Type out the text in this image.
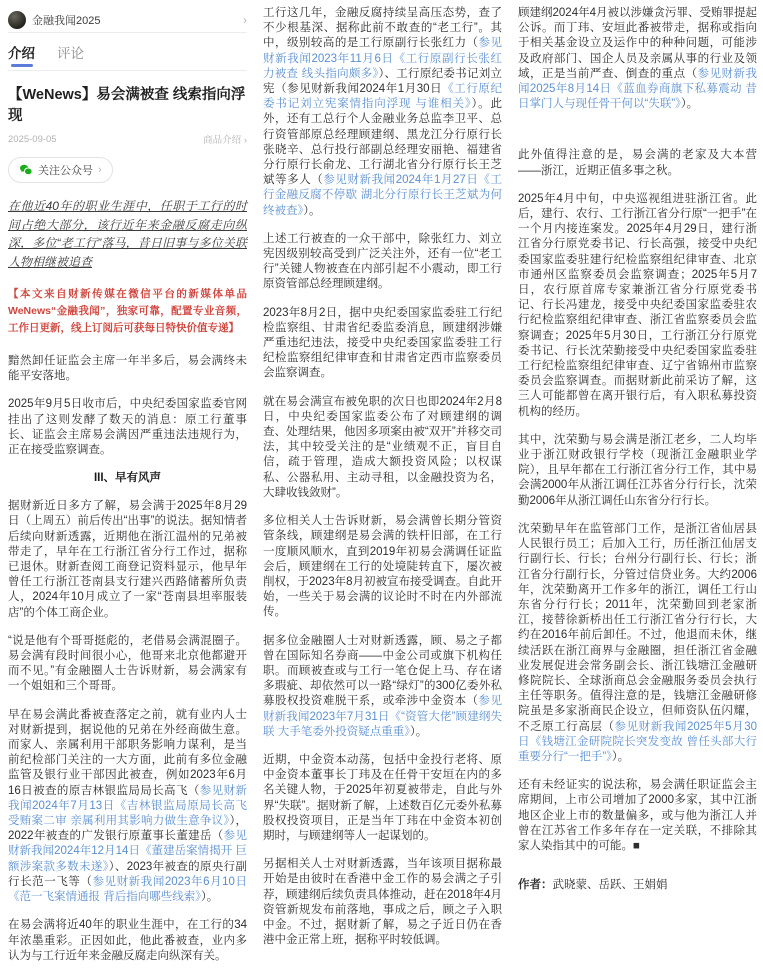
金融我闻2025	›
介绍 评论
【WeNews】易会满被查 线索指向浮现
2025-09-05	商品介绍 ›
关注公众号 ›
在他近40年的职业生涯中，任职于工行的时间占绝大部分，该行近年来金融反腐走向纵深，多位“老工行”落马，昔日旧事与多位关联人物相继被追查
【本文来自财新传媒在微信平台的新媒体单品 WeNews“金融我闻”，独家可靠，配置专业音频，工作日更新，线上订阅后可获每日特快价值专递】

黯然卸任证监会主席一年半多后，易会满终未能平安落地。

2025年9月5日收市后，中央纪委国家监委官网挂出了这则发酵了数天的消息：原工行董事长、证监会主席易会满因严重违法违规行为，正在接受监察调查。

III、早有风声

据财新近日多方了解，易会满于2025年8月29日（上周五）前后传出“出事”的说法。据知情者后续向财新透露，近期他在浙江温州的兄弟被带走了，早年在工行浙江省分行工作过，据称已退休。财新查阅工商登记资料显示，他早年曾任工行浙江苍南县支行建兴西路储蓄所负责人，2024年10月成立了一家“苍南县坦率服装店”的个体工商企业。

“说是他有个哥哥挺彪的，老借易会满混圈子。易会满有段时间很小心，他哥来北京他都避开而不见。”有金融圈人士告诉财新，易会满家有一个姐姐和三个哥哥。

早在易会满此番被查落定之前，就有业内人士对财新提到，据说他的兄弟在外经商做生意。而家人、亲属利用干部职务影响力谋利，是当前纪检部门关注的一大方面，此前有多位金融监管及银行业干部因此被查，例如2023年6月16日被查的原吉林银监局局长高飞（参见财新我闻2024年7月13日《吉林银监局原局长高飞受贿案二审 亲属利用其影响力做生意争议》），2022年被查的广发银行原董事长董建岳（参见财新我闻2024年12月14日《董建岳案情揭开 巨额涉案款多数未遂》）、2023年被查的原央行副行长范一飞等（参见财新我闻2023年6月10日《范一飞案情通报 背后指向哪些线索》）。

在易会满将近40年的职业生涯中，在工行的34年浓墨重彩。正因如此，他此番被查，业内多认为与工行近年来金融反腐走向纵深有关。

工行这几年，金融反腐持续呈高压态势，查了不少根基深、据称此前不敢查的“老工行”。其中，级别较高的是工行原副行长张红力（参见财新我闻2023年11月6日《工行原副行长张红力被查 线头指向颇多》）、工行原纪委书记刘立宪（参见财新我闻2024年1月30日《工行原纪委书记刘立宪案情指向浮现 与谁相关》）。此外，还有工总行个人金融业务总监李卫平、总行资管部原总经理顾建纲、黑龙江分行原行长张晓辛、总行投行部副总经理安丽艳、福建省分行原行长俞龙、工行湖北省分行原行长王芝斌等多人（参见财新我闻2024年1月27日《工行金融反腐不停歇 湖北分行原行长王芝斌为何终被查》）。

上述工行被查的一众干部中，除张红力、刘立宪因级别较高受到广泛关注外，还有一位“老工行”关键人物被查在内部引起不小震动，即工行原资管部总经理顾建纲。

2023年8月2日，据中央纪委国家监委驻工行纪检监察组、甘肃省纪委监委消息，顾建纲涉嫌严重违纪违法，接受中央纪委国家监委驻工行纪检监察组纪律审查和甘肃省定西市监察委员会监察调查。

就在易会满宣布被免职的次日也即2024年2月8日，中央纪委国家监委公布了对顾建纲的调查、处理结果，他因多项案由被“双开”并移交司法，其中较受关注的是“业绩观不正，盲目自信，疏于管理，造成大额投资风险；以权谋私、公器私用、主动寻租，以金融投资为名，大肆收钱敛财”。

多位相关人士告诉财新，易会满曾长期分管资管条线，顾建纲是易会满的铁杆旧部，在工行一度顺风顺水，直到2019年初易会满调任证监会后，顾建纲在工行的处境陡转直下，屡次被削权，于2023年8月初被宣布接受调查。自此开始，一些关于易会满的议论时不时在内外部流传。

据多位金融圈人士对财新透露，顾、易之子都曾在国际知名券商——中金公司或旗下机构任职。而顾被查或与工行一笔仓促上马、存在诸多瑕疵、却依然可以一路“绿灯”的300亿委外私募股权投资难脱干系，或牵涉中金资本（参见财新我闻2023年7月31日《“资管大佬”顾建纲失联 大手笔委外投资疑点重重》）。

近期，中金资本动荡，包括中金投行老将、原中金资本董事长丁玮及在任骨干安垣在内的多名关键人物，于2025年初夏被带走，自此与外界“失联”。据财新了解，上述数百亿元委外私募股权投资项目，正是当年丁玮在中金资本初创期时，与顾建纲等人一起谋划的。

另据相关人士对财新透露，当年该项目据称最开始是由彼时在香港中金工作的易会满之子引荐，顾建纲后续负责具体推动，赶在2018年4月资管新规发布前落地，事成之后，顾之子入职中金。不过，据财新了解，易之子近日仍在香港中金正常上班，据称平时较低调。

顾建纲2024年4月被以涉嫌贪污罪、受贿罪提起公诉。而丁玮、安垣此番被带走，据称或指向于相关基金设立及运作中的种种问题，可能涉及政府部门、国企人员及亲属从事的行业及领域，正是当前严查、倒查的重点（参见财新我闻2025年8月14日《蓝血券商旗下私募震动 昔日掌门人与现任骨干何以“失联”》）。

此外值得注意的是，易会满的老家及大本营——浙江，近期正值多事之秋。

2025年4月中旬，中央巡视组进驻浙江省。此后，建行、农行、工行浙江省分行原“一把手”在一个月内接连案发。2025年4月29日，建行浙江省分行原党委书记、行长高强，接受中央纪委国家监委驻建行纪检监察组纪律审查、北京市通州区监察委员会监察调查；2025年5月7日，农行原首席专家兼浙江省分行原党委书记、行长冯建龙，接受中央纪委国家监委驻农行纪检监察组纪律审查、浙江省监察委员会监察调查；2025年5月30日，工行浙江分行原党委书记、行长沈荣勤接受中央纪委国家监委驻工行纪检监察组纪律审查、辽宁省锦州市监察委员会监察调查。而据财新此前采访了解，这三人可能都曾在离开银行后，有入职私募投资机构的经历。

其中，沈荣勤与易会满是浙江老乡，二人均毕业于浙江财政银行学校（现浙江金融职业学院），且早年都在工行浙江省分行工作，其中易会满2000年从浙江调任江苏省分行行长，沈荣勤2006年从浙江调任山东省分行行长。

沈荣勤早年在监管部门工作，是浙江省仙居县人民银行员工；后加入工行，历任浙江仙居支行副行长、行长；台州分行副行长、行长；浙江省分行副行长，分管过信贷业务。大约2006年，沈荣勤离开工作多年的浙江，调任工行山东省分行行长；2011年，沈荣勤回到老家浙江，接替徐新桥出任工行浙江省分行行长，大约在2016年前后卸任。不过，他退而未休，继续活跃在浙江商界与金融圈，担任浙江省金融业发展促进会常务副会长、浙江钱塘江金融研修院院长、全球浙商总会金融服务委员会执行主任等职务。值得注意的是，钱塘江金融研修院虽是多家浙商民企设立，但师资队伍闪耀，不乏原工行高层（参见财新我闻2025年5月30日《钱塘江金研院院长突发变故 曾任头部大行重要分行“一把手”》）。

还有未经证实的说法称，易会满任职证监会主席期间，上市公司增加了2000多家，其中江浙地区企业上市的数量偏多，或与他为浙江人并曾在江苏省工作多年存在一定关联，不排除其家人染指其中的可能。■

作者：武晓蒙、岳跃、王娟娟
